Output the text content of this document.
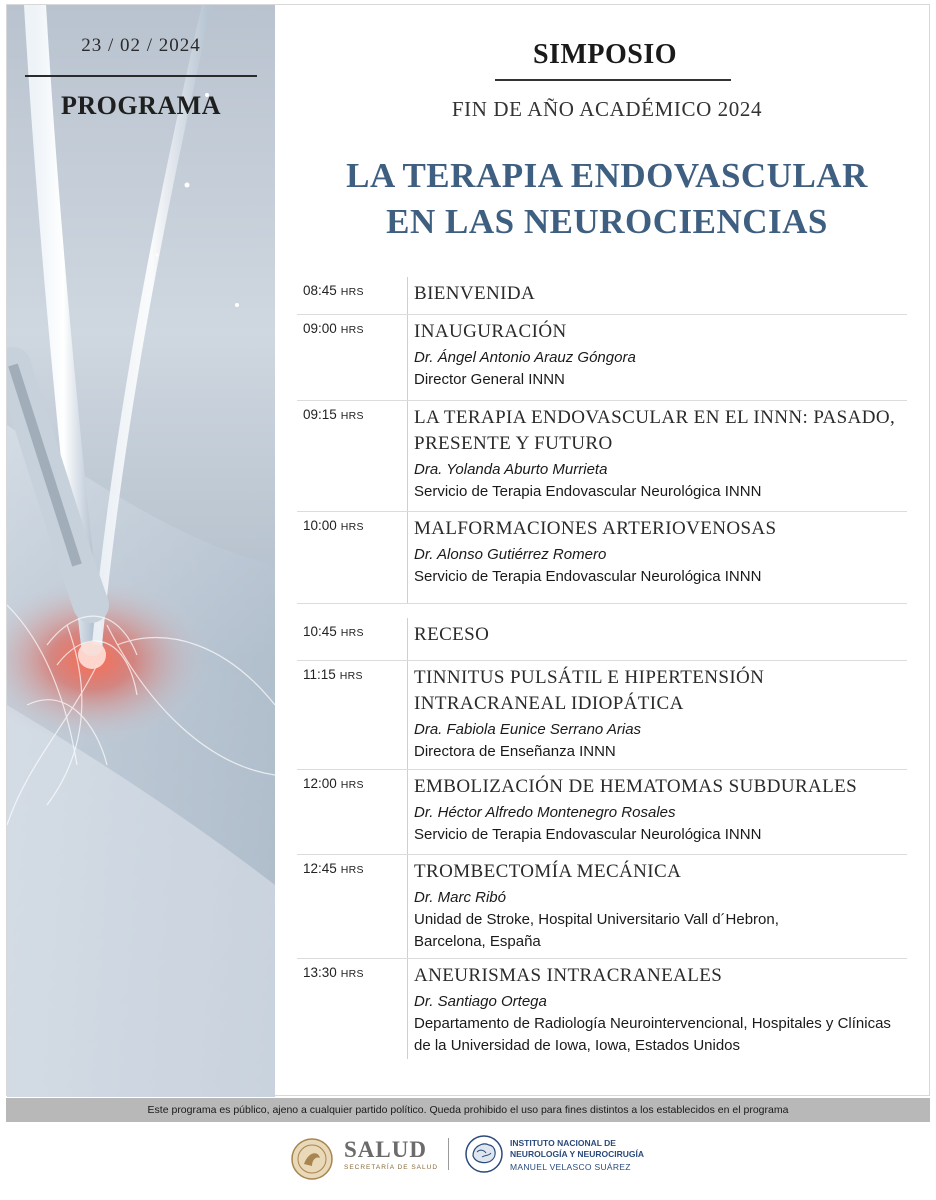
23 / 02 / 2024
PROGRAMA
SIMPOSIO
FIN DE AÑO ACADÉMICO 2024
LA TERAPIA ENDOVASCULAR
EN LAS NEUROCIENCIAS
08:45 HRS	BIENVENIDA
09:00 HRS	INAUGURACIÓN
Dr. Ángel Antonio Arauz Góngora
Director General INNN
09:15 HRS	LA TERAPIA ENDOVASCULAR EN EL INNN: PASADO, PRESENTE Y FUTURO
Dra. Yolanda Aburto Murrieta
Servicio de Terapia Endovascular Neurológica INNN
10:00 HRS	MALFORMACIONES ARTERIOVENOSAS
Dr. Alonso Gutiérrez Romero
Servicio de Terapia Endovascular Neurológica INNN
10:45 HRS	RECESO
11:15 HRS	TINNITUS PULSÁTIL E HIPERTENSIÓN INTRACRANEAL IDIOPÁTICA
Dra. Fabiola Eunice Serrano Arias
Directora de Enseñanza INNN
12:00 HRS	EMBOLIZACIÓN DE HEMATOMAS SUBDURALES
Dr. Héctor Alfredo Montenegro Rosales
Servicio de Terapia Endovascular Neurológica INNN
12:45 HRS	TROMBECTOMÍA MECÁNICA
Dr. Marc Ribó
Unidad de Stroke, Hospital Universitario Vall d´Hebron, Barcelona, España
13:30 HRS	ANEURISMAS INTRACRANEALES
Dr. Santiago Ortega
Departamento de Radiología Neurointervencional, Hospitales y Clínicas de la Universidad de Iowa, Iowa, Estados Unidos
Este programa es público, ajeno a cualquier partido político. Queda prohibido el uso para fines distintos a los establecidos en el programa
SALUD
SECRETARÍA DE SALUD
INSTITUTO NACIONAL DE
NEUROLOGÍA Y NEUROCIRUGÍA
MANUEL VELASCO SUÁREZ
